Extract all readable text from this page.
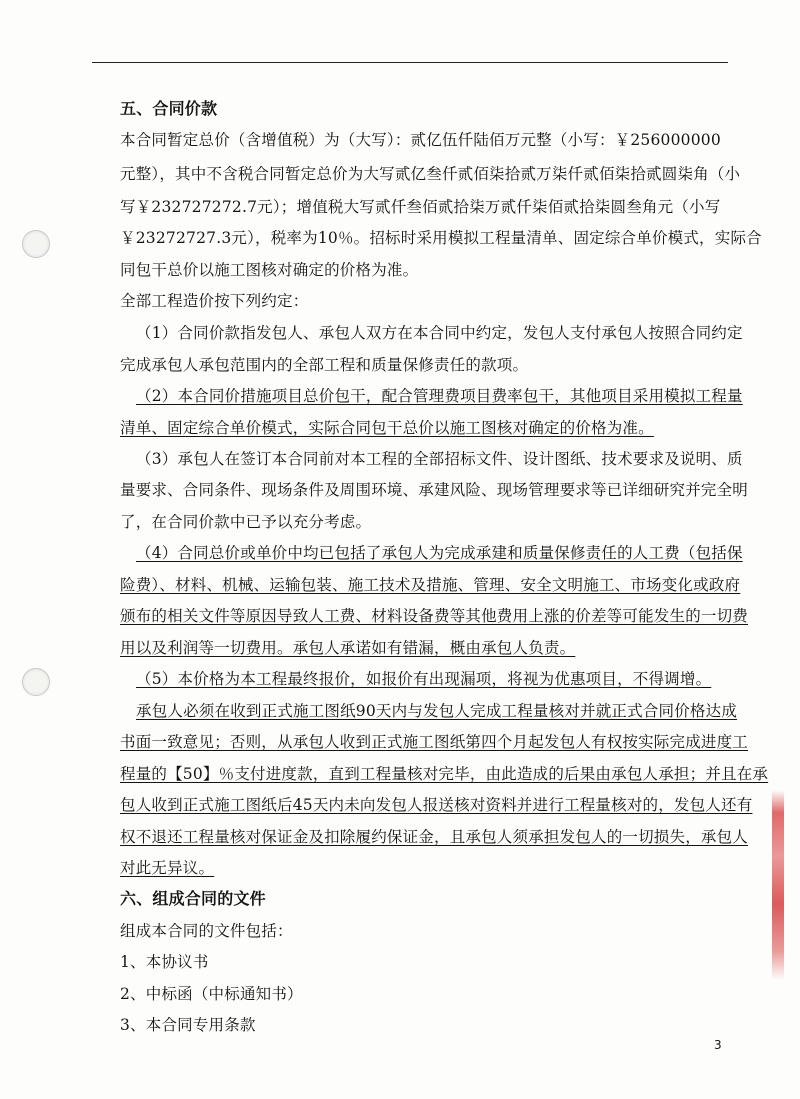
五、合同价款
本合同暂定总价（含增值税）为（大写）：贰亿伍仟陆佰万元整（小写：￥256000000
元整），其中不含税合同暂定总价为大写贰亿叁仟贰佰柒拾贰万柒仟贰佰柒拾贰圆柒角（小
写￥232727272.7元）；增值税大写贰仟叁佰贰拾柒万贰仟柒佰贰拾柒圆叁角元（小写
￥23272727.3元），税率为10％。招标时采用模拟工程量清单、固定综合单价模式，实际合
同包干总价以施工图核对确定的价格为准。
全部工程造价按下列约定：
（1）合同价款指发包人、承包人双方在本合同中约定，发包人支付承包人按照合同约定
完成承包人承包范围内的全部工程和质量保修责任的款项。
（2）本合同价措施项目总价包干，配合管理费项目费率包干，其他项目采用模拟工程量
清单、固定综合单价模式，实际合同包干总价以施工图核对确定的价格为准。
（3）承包人在签订本合同前对本工程的全部招标文件、设计图纸、技术要求及说明、质
量要求、合同条件、现场条件及周围环境、承建风险、现场管理要求等已详细研究并完全明
了，在合同价款中已予以充分考虑。
（4）合同总价或单价中均已包括了承包人为完成承建和质量保修责任的人工费（包括保
险费）、材料、机械、运输包装、施工技术及措施、管理、安全文明施工、市场变化或政府
颁布的相关文件等原因导致人工费、材料设备费等其他费用上涨的价差等可能发生的一切费
用以及利润等一切费用。承包人承诺如有错漏，概由承包人负责。
（5）本价格为本工程最终报价，如报价有出现漏项，将视为优惠项目，不得调增。
承包人必须在收到正式施工图纸90天内与发包人完成工程量核对并就正式合同价格达成
书面一致意见；否则，从承包人收到正式施工图纸第四个月起发包人有权按实际完成进度工
程量的【50】％支付进度款，直到工程量核对完毕，由此造成的后果由承包人承担；并且在承
包人收到正式施工图纸后45天内未向发包人报送核对资料并进行工程量核对的，发包人还有
权不退还工程量核对保证金及扣除履约保证金，且承包人须承担发包人的一切损失，承包人
对此无异议。
六、组成合同的文件
组成本合同的文件包括：
1、本协议书
2、中标函（中标通知书）
3、本合同专用条款
3
